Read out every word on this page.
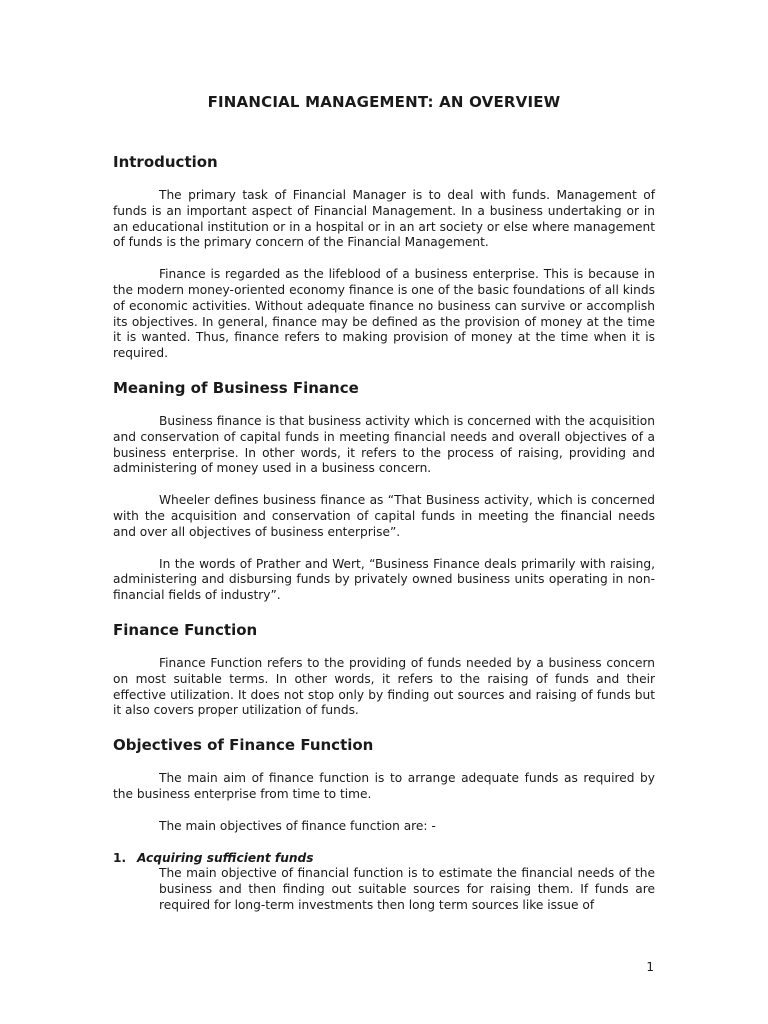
FINANCIAL MANAGEMENT: AN OVERVIEW
Introduction

The primary task of Financial Manager is to deal with funds. Management of funds is an important aspect of Financial Management. In a business undertaking or in an educational institution or in a hospital or in an art society or else where management of funds is the primary concern of the Financial Management.

Finance is regarded as the lifeblood of a business enterprise. This is because in the modern money-oriented economy finance is one of the basic foundations of all kinds of economic activities. Without adequate finance no business can survive or accomplish its objectives. In general, finance may be defined as the provision of money at the time it is wanted. Thus, finance refers to making provision of money at the time when it is required.

Meaning of Business Finance

Business finance is that business activity which is concerned with the acquisition and conservation of capital funds in meeting financial needs and overall objectives of a business enterprise. In other words, it refers to the process of raising, providing and administering of money used in a business concern.

Wheeler defines business finance as “That Business activity, which is concerned with the acquisition and conservation of capital funds in meeting the financial needs and over all objectives of business enterprise”.

In the words of Prather and Wert, “Business Finance deals primarily with raising, administering and disbursing funds by privately owned business units operating in non-financial fields of industry”.

Finance Function

Finance Function refers to the providing of funds needed by a business concern on most suitable terms. In other words, it refers to the raising of funds and their effective utilization. It does not stop only by finding out sources and raising of funds but it also covers proper utilization of funds.

Objectives of Finance Function

The main aim of finance function is to arrange adequate funds as required by the business enterprise from time to time.

The main objectives of finance function are: -

1. Acquiring sufficient funds
The main objective of financial function is to estimate the financial needs of the business and then finding out suitable sources for raising them. If funds are required for long-term investments then long term sources like issue of
1
